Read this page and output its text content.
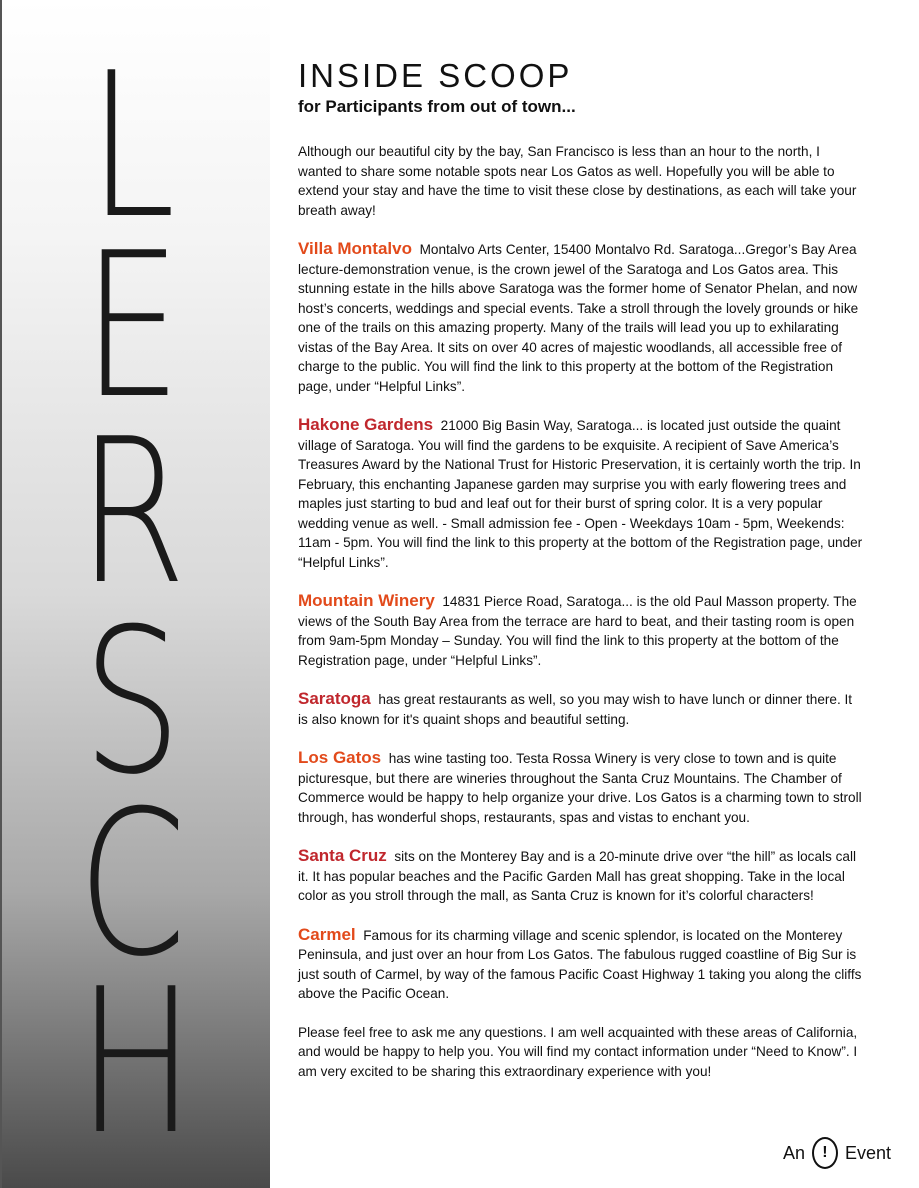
L
E
R
S
C
H
INSIDE SCOOP
for Participants from out of town...

Although our beautiful city by the bay, San Francisco is less than an hour to the north, I wanted to share some notable spots near Los Gatos as well. Hopefully you will be able to extend your stay and have the time to visit these close by destinations, as each will take your breath away!

Villa Montalvo Montalvo Arts Center, 15400 Montalvo Rd. Saratoga...Gregor’s Bay Area lecture-demonstration venue, is the crown jewel of the Saratoga and Los Gatos area. This stunning estate in the hills above Saratoga was the former home of Senator Phelan, and now host’s concerts, weddings and special events. Take a stroll through the lovely grounds or hike one of the trails on this amazing property. Many of the trails will lead you up to exhilarating vistas of the Bay Area. It sits on over 40 acres of majestic woodlands, all accessible free of charge to the public. You will find the link to this property at the bottom of the Registration page, under “Helpful Links”.

Hakone Gardens 21000 Big Basin Way, Saratoga... is located just outside the quaint village of Saratoga. You will find the gardens to be exquisite. A recipient of Save America’s Treasures Award by the National Trust for Historic Preservation, it is certainly worth the trip. In February, this enchanting Japanese garden may surprise you with early flowering trees and maples just starting to bud and leaf out for their burst of spring color. It is a very popular wedding venue as well. - Small admission fee - Open - Weekdays 10am - 5pm, Weekends: 11am - 5pm. You will find the link to this property at the bottom of the Registration page, under “Helpful Links”.

Mountain Winery 14831 Pierce Road, Saratoga... is the old Paul Masson property. The views of the South Bay Area from the terrace are hard to beat, and their tasting room is open from 9am-5pm Monday – Sunday. You will find the link to this property at the bottom of the Registration page, under “Helpful Links”.

Saratoga has great restaurants as well, so you may wish to have lunch or dinner there. It is also known for it's quaint shops and beautiful setting.

Los Gatos has wine tasting too. Testa Rossa Winery is very close to town and is quite picturesque, but there are wineries throughout the Santa Cruz Mountains. The Chamber of Commerce would be happy to help organize your drive. Los Gatos is a charming town to stroll through, has wonderful shops, restaurants, spas and vistas to enchant you.

Santa Cruz sits on the Monterey Bay and is a 20-minute drive over “the hill” as locals call it. It has popular beaches and the Pacific Garden Mall has great shopping. Take in the local color as you stroll through the mall, as Santa Cruz is known for it’s colorful characters!

Carmel Famous for its charming village and scenic splendor, is located on the Monterey Peninsula, and just over an hour from Los Gatos. The fabulous rugged coastline of Big Sur is just south of Carmel, by way of the famous Pacific Coast Highway 1 taking you along the cliffs above the Pacific Ocean.

Please feel free to ask me any questions. I am well acquainted with these areas of California, and would be happy to help you. You will find my contact information under “Need to Know”. I am very excited to be sharing this extraordinary experience with you!

An	! Event
